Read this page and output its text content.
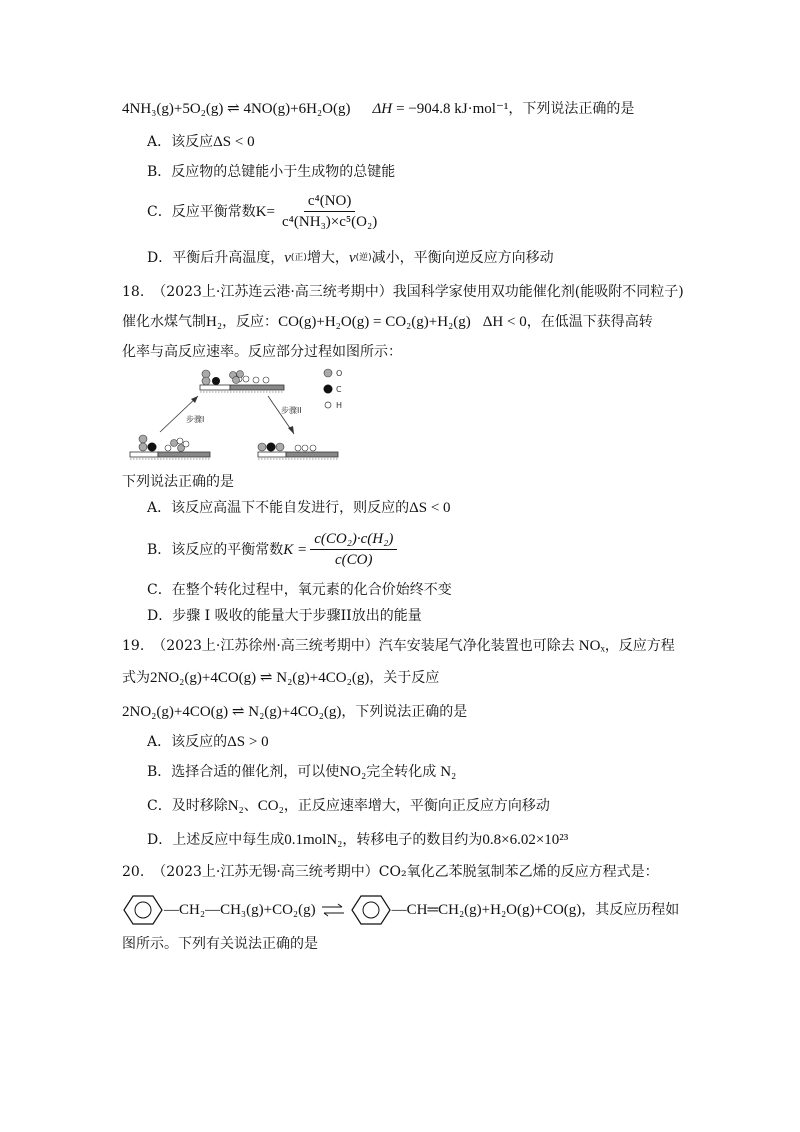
4NH₃(g)+5O₂(g) ⇌ 4NO(g)+6H₂O(g) ΔH = −904.8 kJ·mol⁻¹ ，下列说法正确的是
A．该反应 ΔS < 0
B．反应物的总键能小于生成物的总键能
C．反应平衡常数 $K= \frac{\text{c⁴(NO)}}{\text{c⁴(NH₃)×c⁵(O₂)}}$
D．平衡后升高温度， v (正) 增大， v (逆) 减小，平衡向逆反应方向移动
18. （2023上·江苏连云港·高三统考期中） 我国科学家使用双功能催化剂(能吸附不同粒子)
催化水煤气制 H₂ ，反应： CO(g)+H₂O(g) = CO₂(g)+H₂(g) ΔH < 0 ，在低温下获得高转
化率与高反应速率。反应部分过程如图所示：
O
C
H
步骤I
步骤II
下列说法正确的是
A．该反应高温下不能自发进行，则反应的 ΔS < 0
B．该反应的平衡常数 $K = \frac{\text{c(CO₂)·c(H₂)}}{c(CO)}$
C．在整个转化过程中，氧元素的化合价始终不变
D．步骤 I 吸收的能量大于步骤II放出的能量
19. （2023上·江苏徐州·高三统考期中） 汽车安装尾气净化装置也可除去 NOₓ ，反应方程
式为 2NO₂(g)+4CO(g) ⇌ N₂(g)+4CO₂(g) ，关于反应
2NO₂(g)+4CO(g) ⇌ N₂(g)+4CO₂(g) ，下列说法正确的是
A．该反应的 ΔS > 0
B．选择合适的催化剂，可以使 NO₂ 完全转化成 N₂
C．及时移除 N₂ 、 CO₂ ，正反应速率增大，平衡向正反应方向移动
D．上述反应中每生成 0.1molN₂ ，转移电子的数目约为 0.8×6.02×10²³
20. （2023上·江苏无锡·高三统考期中） CO₂氧化乙苯脱氢制苯乙烯的反应方程式是：
—CH₂—CH₃(g)+CO₂(g) ⇌	—CH═CH₂(g)+H₂O(g)+CO(g) ，其反应历程如
图所示。下列有关说法正确的是
